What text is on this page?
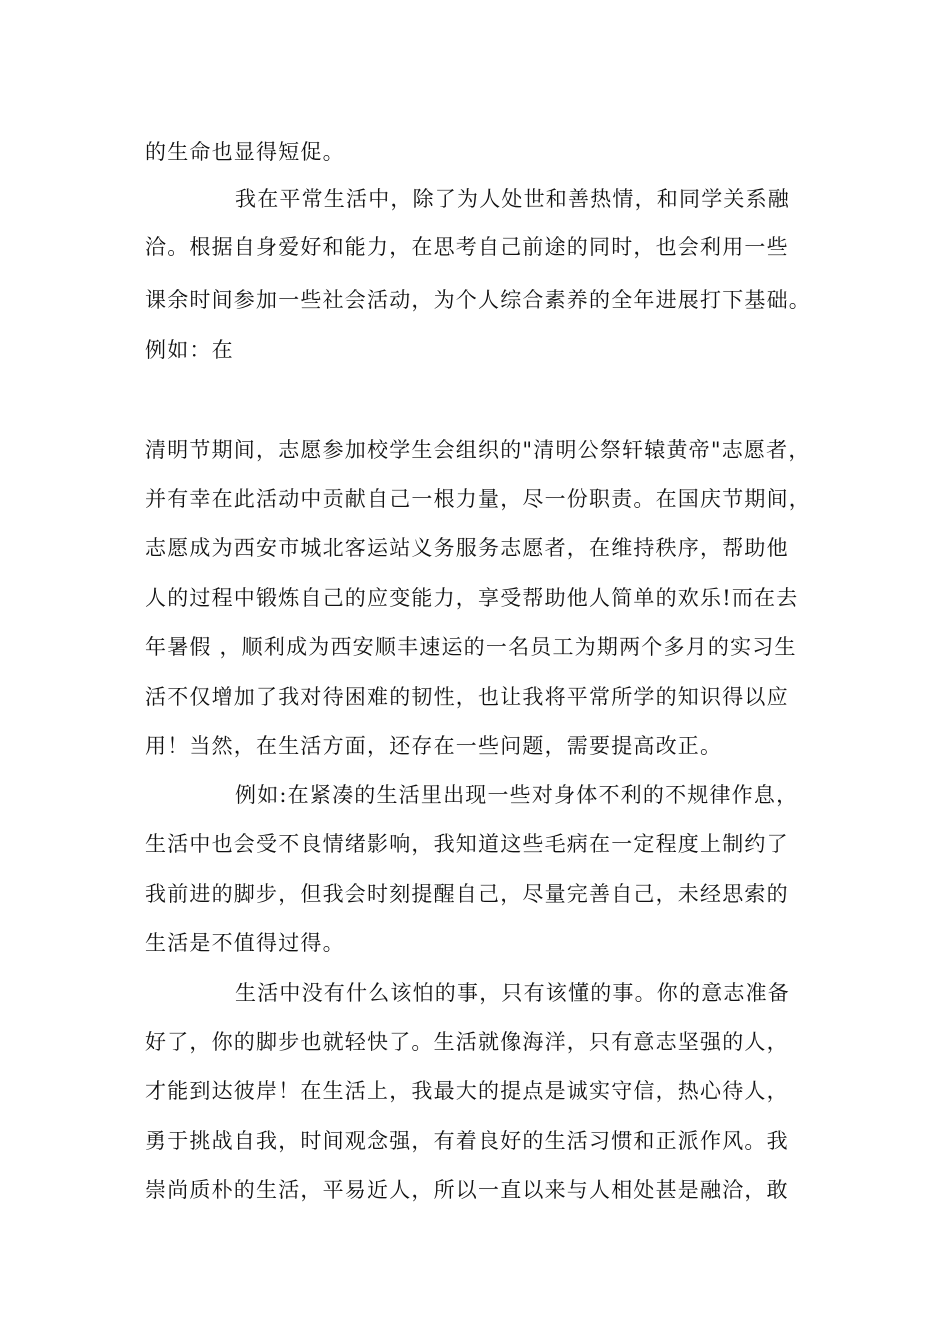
的生命也显得短促。
我在平常生活中，除了为人处世和善热情，和同学关系融
洽。根据自身爱好和能力，在思考自己前途的同时，也会利用一些
课余时间参加一些社会活动，为个人综合素养的全年进展打下基础。
例如：在
清明节期间，志愿参加校学生会组织的"清明公祭轩辕黄帝"志愿者，
并有幸在此活动中贡献自己一根力量，尽一份职责。在国庆节期间，
志愿成为西安市城北客运站义务服务志愿者，在维持秩序，帮助他
人的过程中锻炼自己的应变能力，享受帮助他人简单的欢乐!而在去
年暑假 ，顺利成为西安顺丰速运的一名员工为期两个多月的实习生
活不仅增加了我对待困难的韧性，也让我将平常所学的知识得以应
用！当然，在生活方面，还存在一些问题，需要提高改正。
例如:在紧凑的生活里出现一些对身体不利的不规律作息，
生活中也会受不良情绪影响，我知道这些毛病在一定程度上制约了
我前进的脚步，但我会时刻提醒自己，尽量完善自己，未经思索的
生活是不值得过得。
生活中没有什么该怕的事，只有该懂的事。你的意志准备
好了，你的脚步也就轻快了。生活就像海洋，只有意志坚强的人，
才能到达彼岸！在生活上，我最大的提点是诚实守信，热心待人，
勇于挑战自我，时间观念强，有着良好的生活习惯和正派作风。我
崇尚质朴的生活，平易近人，所以一直以来与人相处甚是融洽，敢
